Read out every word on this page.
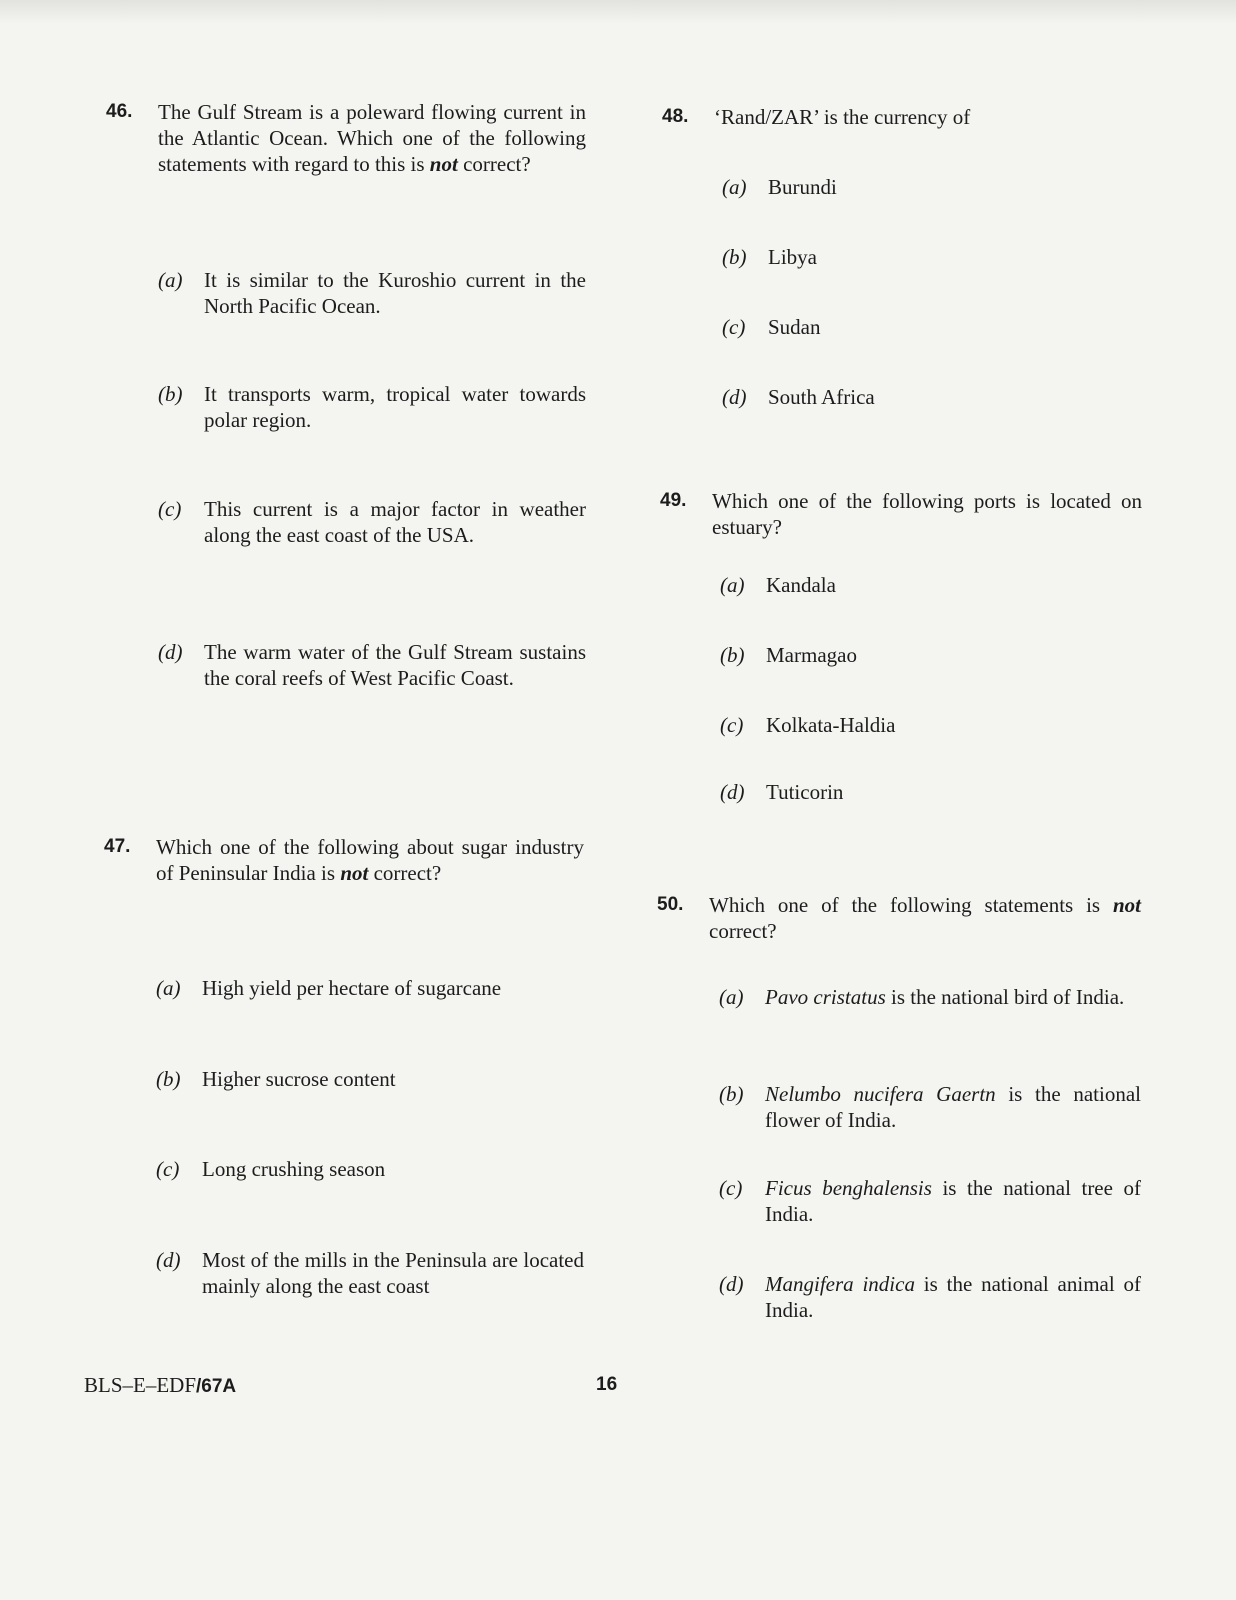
46. The Gulf Stream is a poleward flowing current in the Atlantic Ocean. Which one of the following statements with regard to this is not correct?
(a) It is similar to the Kuroshio current in the North Pacific Ocean.
(b) It transports warm, tropical water towards polar region.
(c) This current is a major factor in weather along the east coast of the USA.
(d) The warm water of the Gulf Stream sustains the coral reefs of West Pacific Coast.
47. Which one of the following about sugar industry of Peninsular India is not correct?
(a) High yield per hectare of sugarcane
(b) Higher sucrose content
(c) Long crushing season
(d) Most of the mills in the Peninsula are located mainly along the east coast
48. ‘Rand/ZAR’ is the currency of
(a) Burundi
(b) Libya
(c) Sudan
(d) South Africa
49. Which one of the following ports is located on estuary?
(a) Kandala
(b) Marmagao
(c) Kolkata-Haldia
(d) Tuticorin
50. Which one of the following statements is not correct?
(a) Pavo cristatus is the national bird of India.
(b) Nelumbo nucifera Gaertn is the national flower of India.
(c) Ficus benghalensis is the national tree of India.
(d) Mangifera indica is the national animal of India.
BLS–E–EDF/67A	16
